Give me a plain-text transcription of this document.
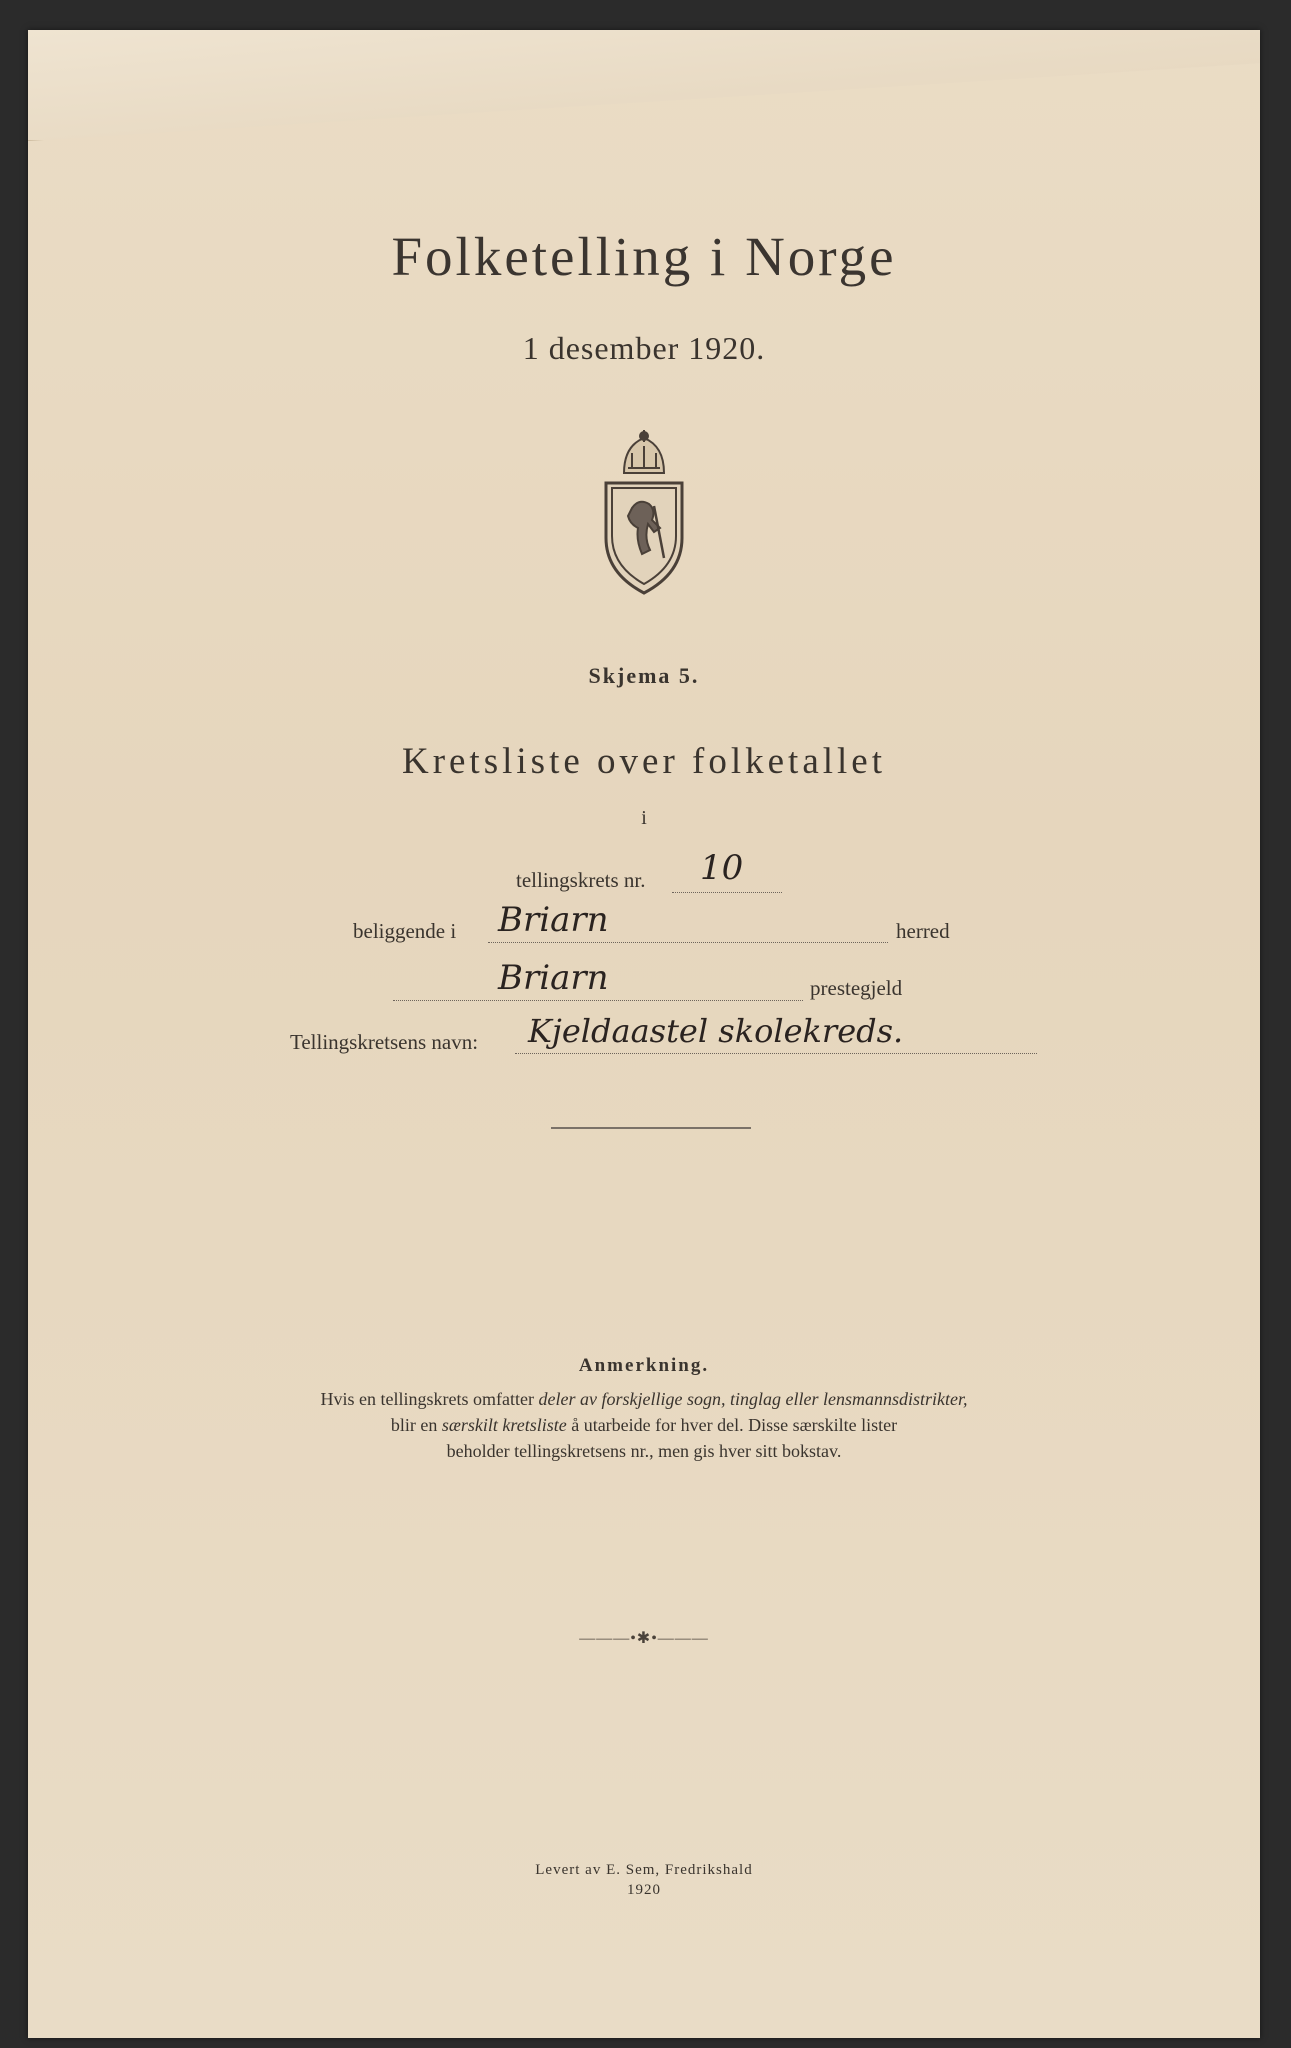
Folketelling i Norge
1 desember 1920.
Skjema 5.
Kretsliste over folketallet
i
tellingskrets nr. 10
beliggende i Briarn	herred
Briarn	prestegjeld
Tellingskretsens navn: Kjeldaastel skolekreds.
Anmerkning.
Hvis en tellingskrets omfatter deler av forskjellige sogn, tinglag eller lensmannsdistrikter,
blir en særskilt kretsliste å utarbeide for hver del. Disse særskilte lister
beholder tellingskretsens nr., men gis hver sitt bokstav.
———•✱•———
Levert av E. Sem, Fredrikshald
1920
